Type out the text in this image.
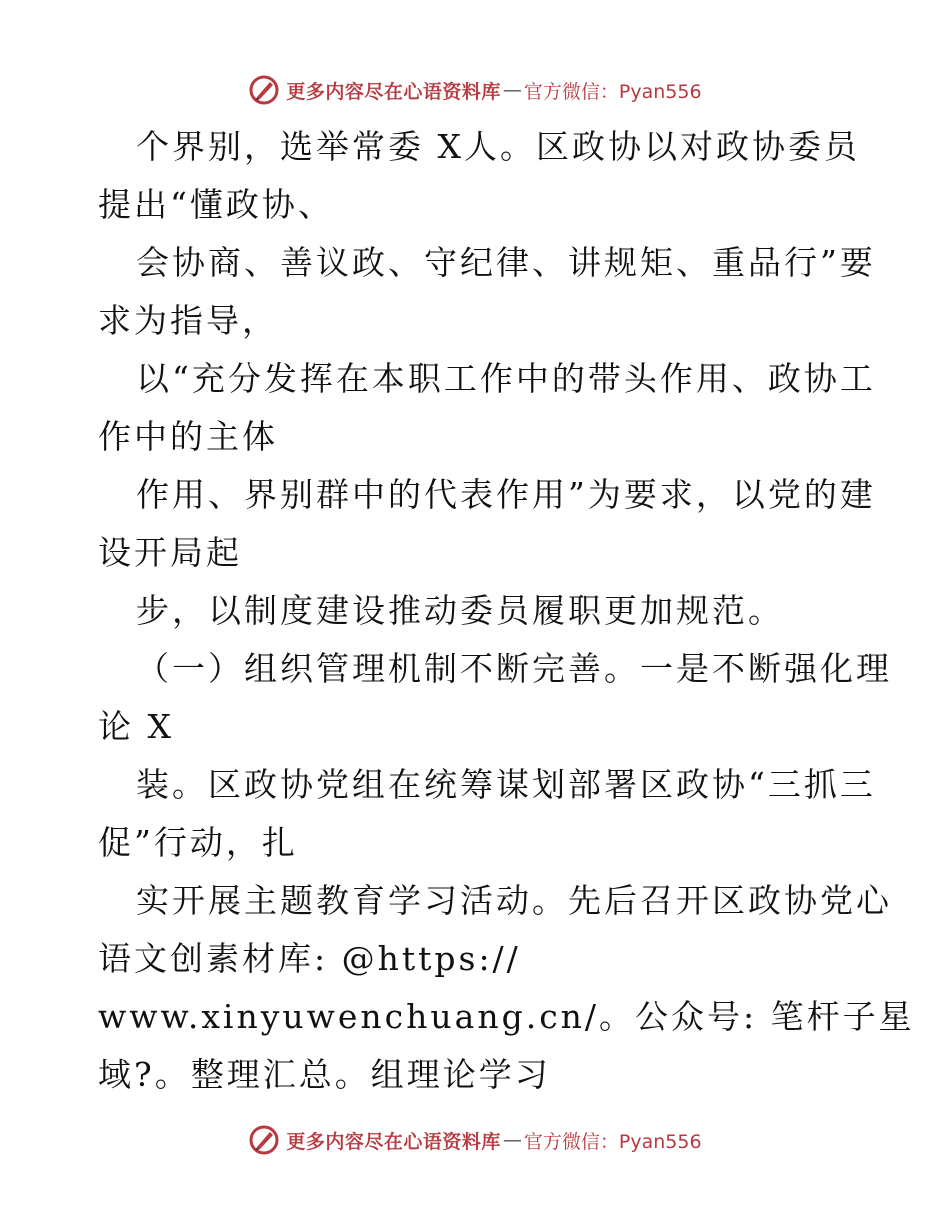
更多内容尽在心语资料库 — 官方微信：Pyan556
个界别，选举常委 X人。区政协以对政协委员
提出“懂政协、
会协商、善议政、守纪律、讲规矩、重品行”要
求为指导，
以“充分发挥在本职工作中的带头作用、政协工
作中的主体
作用、界别群中的代表作用”为要求，以党的建
设开局起
步，以制度建设推动委员履职更加规范。
（一）组织管理机制不断完善。一是不断强化理
论 X
装。区政协党组在统筹谋划部署区政协“三抓三
促”行动，扎
实开展主题教育学习活动。先后召开区政协党心
语文创素材库: @https://
www.xinyuwenchuang.cn/。公众号: 笔杆子星
域?。整理汇总。组理论学习
更多内容尽在心语资料库 — 官方微信：Pyan556
